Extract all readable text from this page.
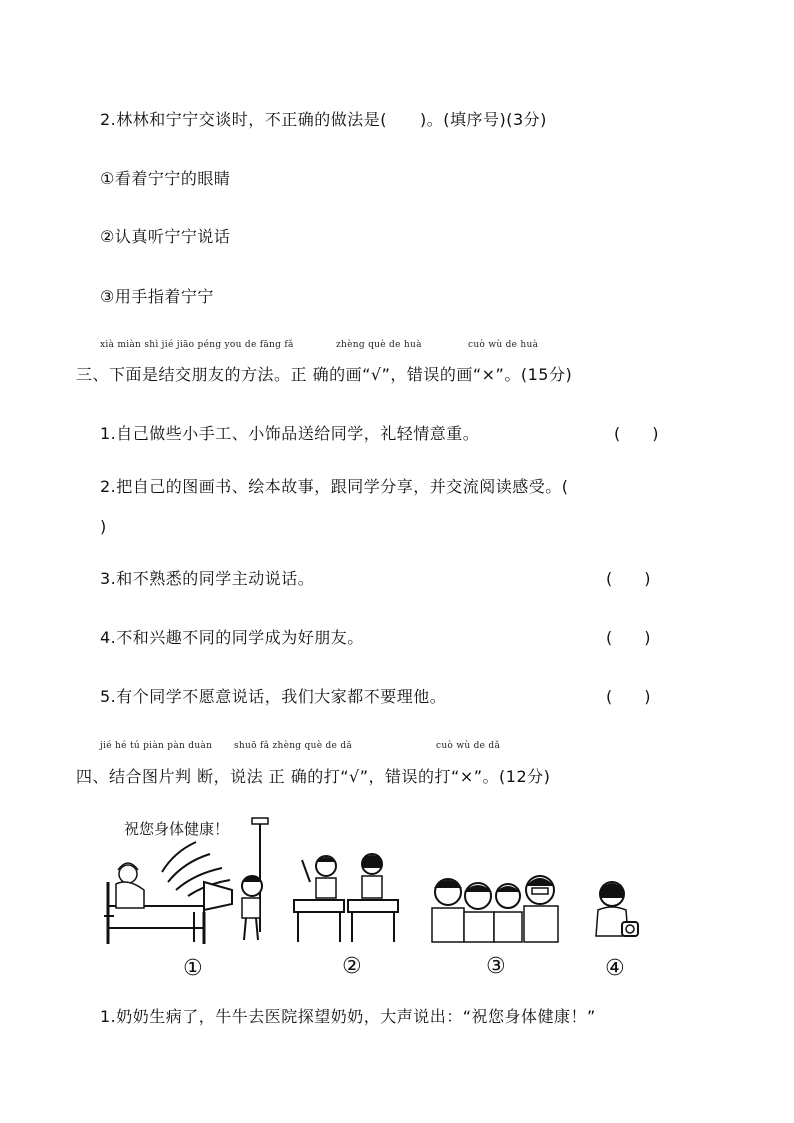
2.林林和宁宁交谈时，不正确的做法是(　　)。(填序号)(3分)
①看着宁宁的眼睛
②认真听宁宁说话
③用手指着宁宁
xià miàn shì jié jiāo péng you de fāng fǎ	zhèng què de huà	cuò wù de huà
三、下面是结交朋友的方法。正 确的画“√”，错误的画“×”。(15分)
1.自己做些小手工、小饰品送给同学，礼轻情意重。	(　　)
2.把自己的图画书、绘本故事，跟同学分享，并交流阅读感受。(
)
3.和不熟悉的同学主动说话。	(　　)
4.不和兴趣不同的同学成为好朋友。	(　　)
5.有个同学不愿意说话，我们大家都不要理他。	(　　)
jié hé tú piàn pàn duàn shuō fǎ zhèng què de dǎ	cuò wù de dǎ
四、结合图片判 断，说法 正 确的打“√”，错误的打“×”。(12分)
祝您身体健康！
①	②	③	④
1.奶奶生病了，牛牛去医院探望奶奶，大声说出：“祝您身体健康！”
